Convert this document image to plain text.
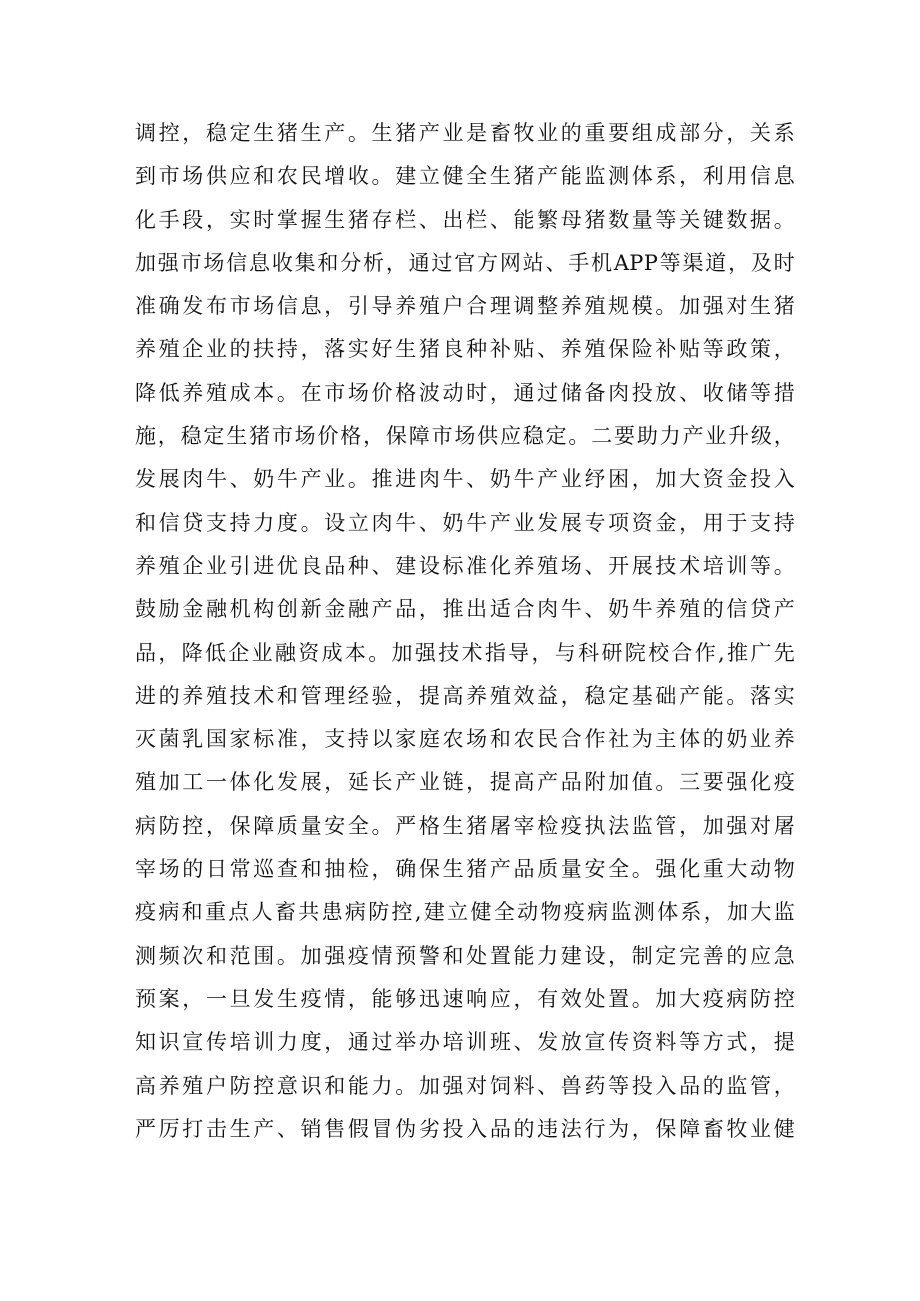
调控，稳定生猪生产。生猪产业是畜牧业的重要组成部分，关系
到市场供应和农民增收。建立健全生猪产能监测体系，利用信息
化手段，实时掌握生猪存栏、出栏、能繁母猪数量等关键数据。
加强市场信息收集和分析，通过官方网站、手机APP等渠道，及时
准确发布市场信息，引导养殖户合理调整养殖规模。加强对生猪
养殖企业的扶持，落实好生猪良种补贴、养殖保险补贴等政策，
降低养殖成本。在市场价格波动时，通过储备肉投放、收储等措
施，稳定生猪市场价格，保障市场供应稳定。二要助力产业升级，
发展肉牛、奶牛产业。推进肉牛、奶牛产业纾困，加大资金投入
和信贷支持力度。设立肉牛、奶牛产业发展专项资金，用于支持
养殖企业引进优良品种、建设标准化养殖场、开展技术培训等。
鼓励金融机构创新金融产品，推出适合肉牛、奶牛养殖的信贷产
品，降低企业融资成本。加强技术指导，与科研院校合作,推广先
进的养殖技术和管理经验，提高养殖效益，稳定基础产能。落实
灭菌乳国家标准，支持以家庭农场和农民合作社为主体的奶业养
殖加工一体化发展，延长产业链，提高产品附加值。三要强化疫
病防控，保障质量安全。严格生猪屠宰检疫执法监管，加强对屠
宰场的日常巡查和抽检，确保生猪产品质量安全。强化重大动物
疫病和重点人畜共患病防控,建立健全动物疫病监测体系，加大监
测频次和范围。加强疫情预警和处置能力建设，制定完善的应急
预案，一旦发生疫情，能够迅速响应，有效处置。加大疫病防控
知识宣传培训力度，通过举办培训班、发放宣传资料等方式，提
高养殖户防控意识和能力。加强对饲料、兽药等投入品的监管，
严厉打击生产、销售假冒伪劣投入品的违法行为，保障畜牧业健
